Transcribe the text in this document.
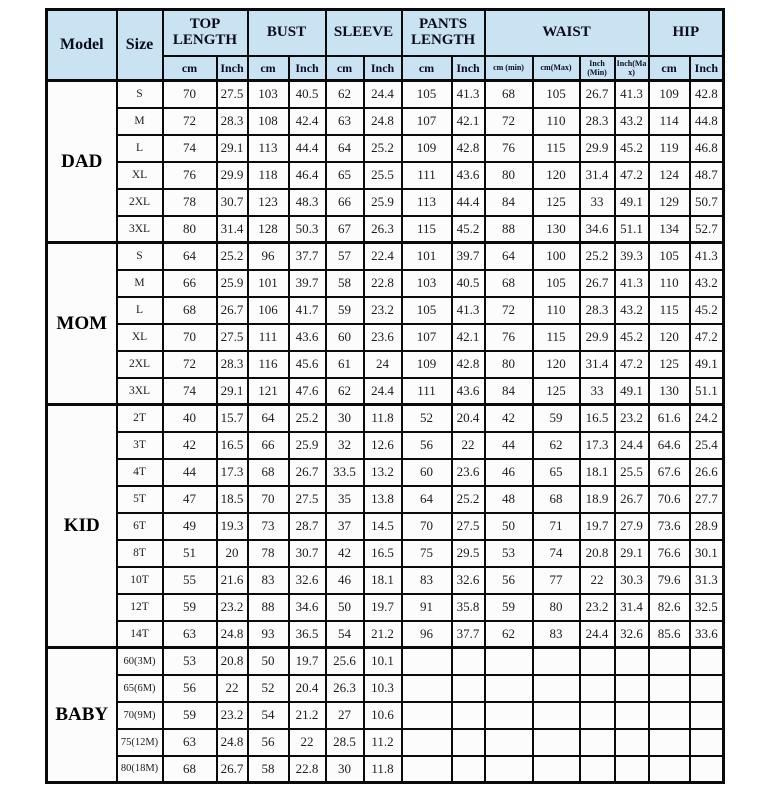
Model	Size	TOP LENGTH		BUST		SLEEVE		PANTS LENGTH		WAIST				HIP	
		cm	Inch	cm	Inch	cm	Inch	cm	Inch	cm (min)	cm(Max)	Inch (Min)	Inch(Max)	cm	Inch
DAD	S	70	27.5	103	40.5	62	24.4	105	41.3	68	105	26.7	41.3	109	42.8
	M	72	28.3	108	42.4	63	24.8	107	42.1	72	110	28.3	43.2	114	44.8
	L	74	29.1	113	44.4	64	25.2	109	42.8	76	115	29.9	45.2	119	46.8
	XL	76	29.9	118	46.4	65	25.5	111	43.6	80	120	31.4	47.2	124	48.7
	2XL	78	30.7	123	48.3	66	25.9	113	44.4	84	125	33	49.1	129	50.7
	3XL	80	31.4	128	50.3	67	26.3	115	45.2	88	130	34.6	51.1	134	52.7
MOM	S	64	25.2	96	37.7	57	22.4	101	39.7	64	100	25.2	39.3	105	41.3
	M	66	25.9	101	39.7	58	22.8	103	40.5	68	105	26.7	41.3	110	43.2
	L	68	26.7	106	41.7	59	23.2	105	41.3	72	110	28.3	43.2	115	45.2
	XL	70	27.5	111	43.6	60	23.6	107	42.1	76	115	29.9	45.2	120	47.2
	2XL	72	28.3	116	45.6	61	24	109	42.8	80	120	31.4	47.2	125	49.1
	3XL	74	29.1	121	47.6	62	24.4	111	43.6	84	125	33	49.1	130	51.1
KID	2T	40	15.7	64	25.2	30	11.8	52	20.4	42	59	16.5	23.2	61.6	24.2
	3T	42	16.5	66	25.9	32	12.6	56	22	44	62	17.3	24.4	64.6	25.4
	4T	44	17.3	68	26.7	33.5	13.2	60	23.6	46	65	18.1	25.5	67.6	26.6
	5T	47	18.5	70	27.5	35	13.8	64	25.2	48	68	18.9	26.7	70.6	27.7
	6T	49	19.3	73	28.7	37	14.5	70	27.5	50	71	19.7	27.9	73.6	28.9
	8T	51	20	78	30.7	42	16.5	75	29.5	53	74	20.8	29.1	76.6	30.1
	10T	55	21.6	83	32.6	46	18.1	83	32.6	56	77	22	30.3	79.6	31.3
	12T	59	23.2	88	34.6	50	19.7	91	35.8	59	80	23.2	31.4	82.6	32.5
	14T	63	24.8	93	36.5	54	21.2	96	37.7	62	83	24.4	32.6	85.6	33.6
BABY	60(3M)	53	20.8	50	19.7	25.6	10.1								
	65(6M)	56	22	52	20.4	26.3	10.3								
	70(9M)	59	23.2	54	21.2	27	10.6								
	75(12M)	63	24.8	56	22	28.5	11.2								
	80(18M)	68	26.7	58	22.8	30	11.8								
